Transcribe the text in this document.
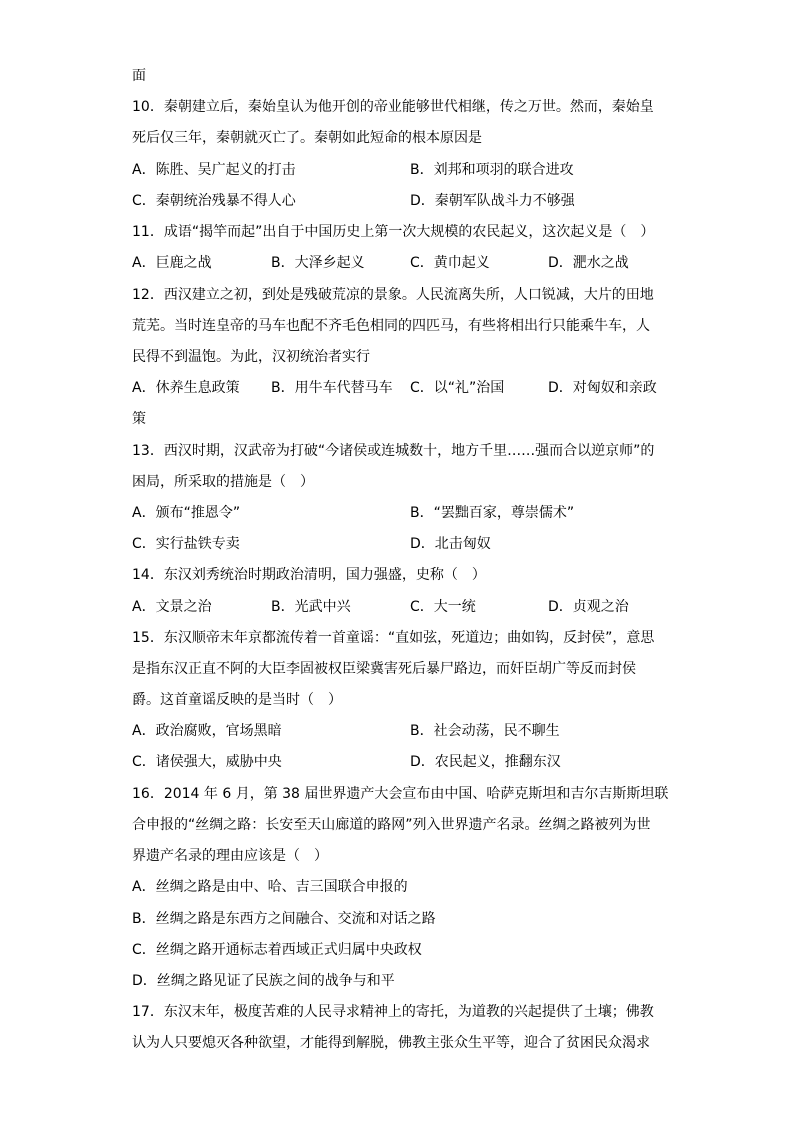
面
10．秦朝建立后，秦始皇认为他开创的帝业能够世代相继，传之万世。然而，秦始皇
死后仅三年，秦朝就灭亡了。秦朝如此短命的根本原因是
A．陈胜、吴广起义的打击	B．刘邦和项羽的联合进攻
C．秦朝统治残暴不得人心	D．秦朝军队战斗力不够强
11．成语“揭竿而起”出自于中国历史上第一次大规模的农民起义，这次起义是（　）
A．巨鹿之战	B．大泽乡起义	C．黄巾起义	D．淝水之战
12．西汉建立之初，到处是残破荒凉的景象。人民流离失所，人口锐减，大片的田地
荒芜。当时连皇帝的马车也配不齐毛色相同的四匹马，有些将相出行只能乘牛车，人
民得不到温饱。为此，汉初统治者实行
A．休养生息政策 B．用牛车代替马车 C．以“礼”治国	D．对匈奴和亲政
策
13．西汉时期，汉武帝为打破“今诸侯或连城数十，地方千里……强而合以逆京师”的
困局，所采取的措施是（　）
A．颁布“推恩令”	B．“罢黜百家，尊崇儒术”
C．实行盐铁专卖	D．北击匈奴
14．东汉刘秀统治时期政治清明，国力强盛，史称（　）
A．文景之治	B．光武中兴	C．大一统	D．贞观之治
15．东汉顺帝末年京都流传着一首童谣：“直如弦，死道边；曲如钩，反封侯”，意思
是指东汉正直不阿的大臣李固被权臣梁冀害死后暴尸路边，而奸臣胡广等反而封侯
爵。这首童谣反映的是当时（　）
A．政治腐败，官场黑暗	B．社会动荡，民不聊生
C．诸侯强大，威胁中央	D．农民起义，推翻东汉
16．2014 年 6 月，第 38 届世界遗产大会宣布由中国、哈萨克斯坦和吉尔吉斯斯坦联
合申报的“丝绸之路：长安至天山廊道的路网”列入世界遗产名录。丝绸之路被列为世
界遗产名录的理由应该是（　）
A．丝绸之路是由中、哈、吉三国联合申报的
B．丝绸之路是东西方之间融合、交流和对话之路
C．丝绸之路开通标志着西域正式归属中央政权
D．丝绸之路见证了民族之间的战争与和平
17．东汉末年，极度苦难的人民寻求精神上的寄托，为道教的兴起提供了土壤；佛教
认为人只要熄灭各种欲望，才能得到解脱，佛教主张众生平等，迎合了贫困民众渴求
